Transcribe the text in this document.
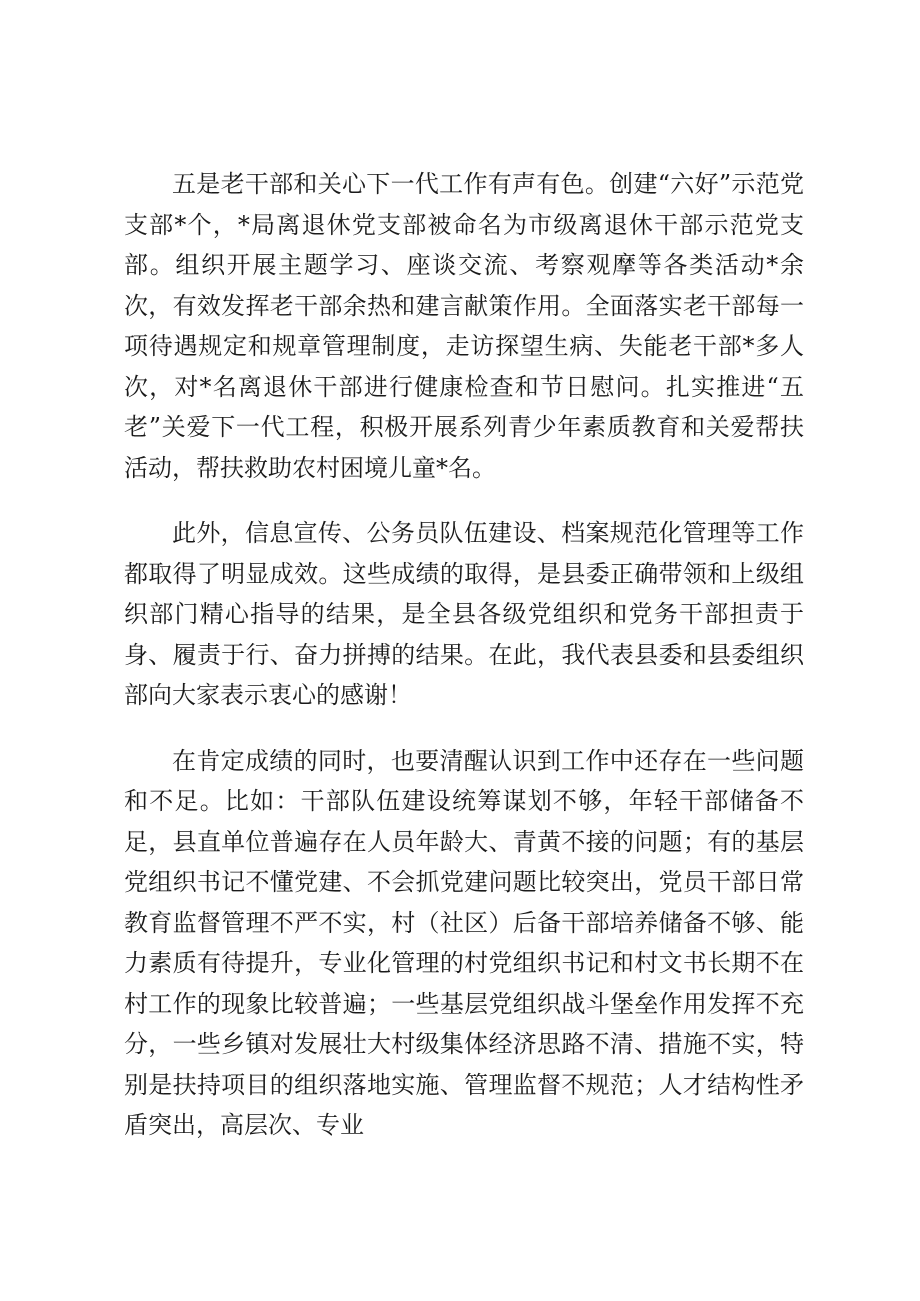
五是老干部和关心下一代工作有声有色。创建“六好”示范党支部*个，*局离退休党支部被命名为市级离退休干部示范党支部。组织开展主题学习、座谈交流、考察观摩等各类活动*余次，有效发挥老干部余热和建言献策作用。全面落实老干部每一项待遇规定和规章管理制度，走访探望生病、失能老干部*多人次，对*名离退休干部进行健康检查和节日慰问。扎实推进“五老”关爱下一代工程，积极开展系列青少年素质教育和关爱帮扶活动，帮扶救助农村困境儿童*名。

此外，信息宣传、公务员队伍建设、档案规范化管理等工作都取得了明显成效。这些成绩的取得，是县委正确带领和上级组织部门精心指导的结果，是全县各级党组织和党务干部担责于身、履责于行、奋力拼搏的结果。在此，我代表县委和县委组织部向大家表示衷心的感谢！

在肯定成绩的同时，也要清醒认识到工作中还存在一些问题和不足。比如：干部队伍建设统筹谋划不够，年轻干部储备不足，县直单位普遍存在人员年龄大、青黄不接的问题；有的基层党组织书记不懂党建、不会抓党建问题比较突出，党员干部日常教育监督管理不严不实，村（社区）后备干部培养储备不够、能力素质有待提升，专业化管理的村党组织书记和村文书长期不在村工作的现象比较普遍；一些基层党组织战斗堡垒作用发挥不充分，一些乡镇对发展壮大村级集体经济思路不清、措施不实，特别是扶持项目的组织落地实施、管理监督不规范；人才结构性矛盾突出，高层次、专业
